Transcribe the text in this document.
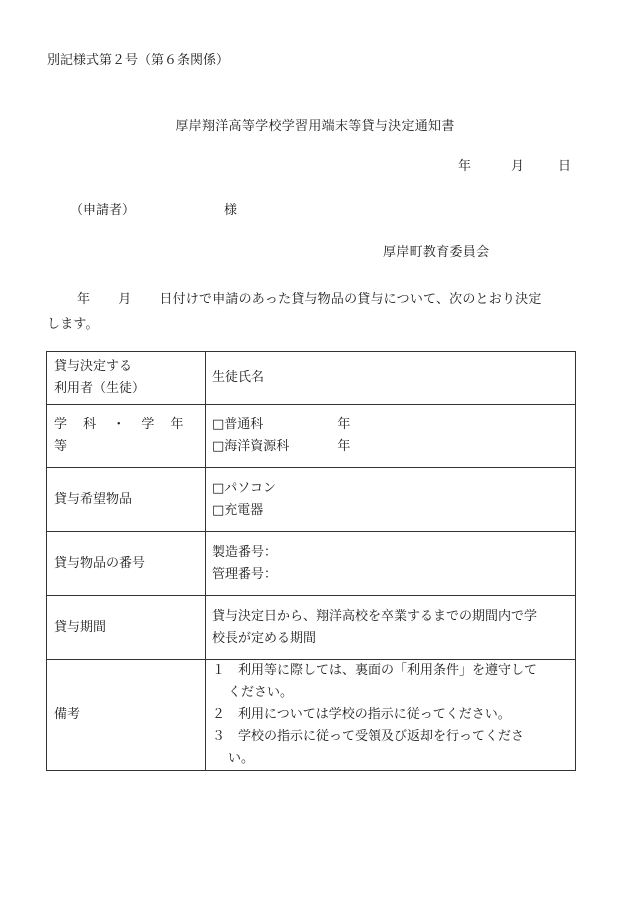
別記様式第２号（第６条関係）
厚岸翔洋高等学校学習用端末等貸与決定通知書
年	月	日
（申請者）	様
厚岸町教育委員会
年 月 日付けで申請のあった貸与物品の貸与について、次のとおり決定
します。
貸与決定する
利用者（生徒）	生徒氏名
学 科 ・ 学 年 等	□普通科 年
□海洋資源科 年

貸与希望物品	□パソコン
□充電器

貸与物品の番号	製造番号：
管理番号：

貸与期間	貸与決定日から、翔洋高校を卒業するまでの期間内で学
校長が定める期間

備考	１　利用等に際しては、裏面の「利用条件」を遵守して
ください。
２　利用については学校の指示に従ってください。
３　学校の指示に従って受領及び返却を行ってくださ
い。
